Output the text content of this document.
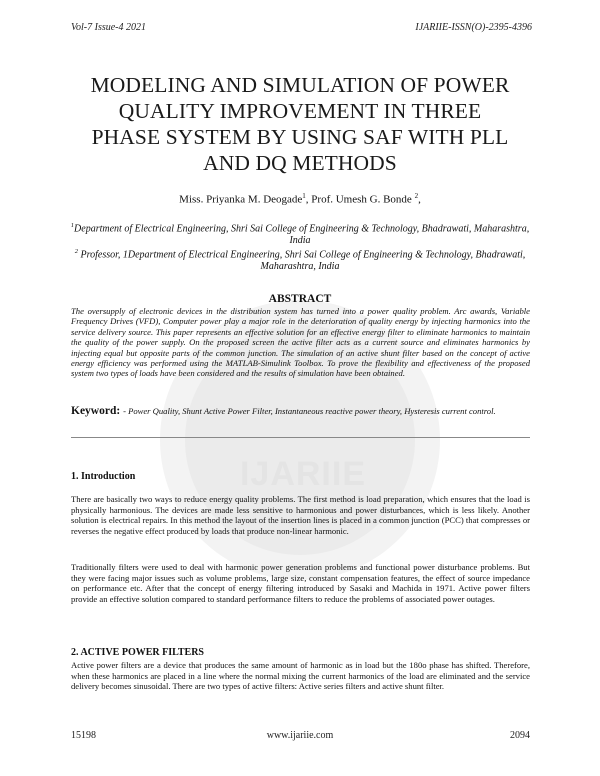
IJARIIE
Vol-7 Issue-4 2021	IJARIIE-ISSN(O)-2395-4396
MODELING AND SIMULATION OF POWER
QUALITY IMPROVEMENT IN THREE
PHASE SYSTEM BY USING SAF WITH PLL
AND DQ METHODS
Miss. Priyanka M. Deogade$^1$, Prof. Umesh G. Bonde $^2$,
$^1$Department of Electrical Engineering, Shri Sai College of Engineering & Technology, Bhadrawati, Maharashtra, India
$^2$ Professor, 1Department of Electrical Engineering, Shri Sai College of Engineering & Technology, Bhadrawati, Maharashtra, India
ABSTRACT
The oversupply of electronic devices in the distribution system has turned into a power quality problem. Arc awards, Variable Frequency Drives (VFD), Computer power play a major role in the deterioration of quality energy by injecting harmonics into the service delivery source. This paper represents an effective solution for an effective energy filter to eliminate harmonics to maintain the quality of the power supply. On the proposed screen the active filter acts as a current source and eliminates harmonics by injecting equal but opposite parts of the common junction. The simulation of an active shunt filter based on the concept of active energy efficiency was performed using the MATLAB-Simulink Toolbox. To prove the flexibility and effectiveness of the proposed system two types of loads have been considered and the results of simulation have been obtained.
Keyword: - Power Quality, Shunt Active Power Filter, Instantaneous reactive power theory, Hysteresis current control.
1. Introduction
There are basically two ways to reduce energy quality problems. The first method is load preparation, which ensures that the load is physically harmonious. The devices are made less sensitive to harmonious and power disturbances, which is less likely. Another solution is electrical repairs. In this method the layout of the insertion lines is placed in a common junction (PCC) that compresses or reverses the negative effect produced by loads that produce non-linear harmonic.
Traditionally filters were used to deal with harmonic power generation problems and functional power disturbance problems. But they were facing major issues such as volume problems, large size, constant compensation features, the effect of source impedance on performance etc. After that the concept of energy filtering introduced by Sasaki and Machida in 1971. Active power filters provide an effective solution compared to standard performance filters to reduce the problems of associated power outages.
2. ACTIVE POWER FILTERS
Active power filters are a device that produces the same amount of harmonic as in load but the 180o phase has shifted. Therefore, when these harmonics are placed in a line where the normal mixing the current harmonics of the load are eliminated and the service delivery becomes sinusoidal. There are two types of active filters: Active series filters and active shunt filter.
15198	www.ijariie.com	2094
